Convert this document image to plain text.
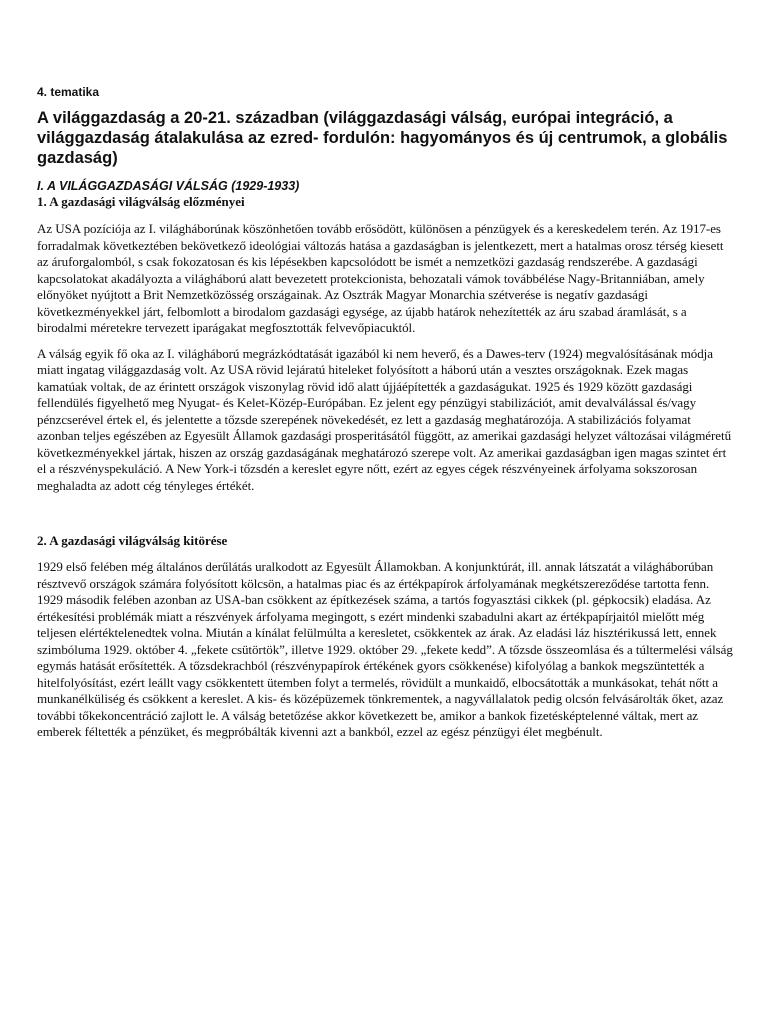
4. tematika
A világgazdaság a 20-21. században (világgazdasági válság, európai integráció, a világgazdaság átalakulása az ezred- fordulón: hagyományos és új centrumok, a globális gazdaság)
I. A VILÁGGAZDASÁGI VÁLSÁG (1929-1933)
1. A gazdasági világválság előzményei

Az USA pozíciója az I. világháborúnak köszönhetően tovább erősödött, különösen a pénzügyek és a kereskedelem terén. Az 1917-es forradalmak következtében bekövetkező ideológiai változás hatása a gazdaságban is jelentkezett, mert a hatalmas orosz térség kiesett az áruforgalomból, s csak fokozatosan és kis lépésekben kapcsolódott be ismét a nemzetközi gazdaság rendszerébe. A gazdasági kapcsolatokat akadályozta a világháború alatt bevezetett protekcionista, behozatali vámok továbbélése Nagy-Britanniában, amely előnyöket nyújtott a Brit Nemzetközösség országainak. Az Osztrák Magyar Monarchia szétverése is negatív gazdasági következményekkel járt, felbomlott a birodalom gazdasági egysége, az újabb határok nehezítették az áru szabad áramlását, s a birodalmi méretekre tervezett iparágakat megfosztották felvevőpiacuktól.

A válság egyik fő oka az I. világháború megrázkódtatását igazából ki nem heverő, és a Dawes-terv (1924) megvalósításának módja miatt ingatag világgazdaság volt. Az USA rövid lejáratú hiteleket folyósított a háború után a vesztes országoknak. Ezek magas kamatúak voltak, de az érintett országok viszonylag rövid idő alatt újjáépítették a gazdaságukat. 1925 és 1929 között gazdasági fellendülés figyelhető meg Nyugat- és Kelet-Közép-Európában. Ez jelent egy pénzügyi stabilizációt, amit devalválással és/vagy pénzcserével értek el, és jelentette a tőzsde szerepének növekedését, ez lett a gazdaság meghatározója. A stabilizációs folyamat azonban teljes egészében az Egyesült Államok gazdasági prosperitásától függött, az amerikai gazdasági helyzet változásai világméretű következményekkel jártak, hiszen az ország gazdaságának meghatározó szerepe volt. Az amerikai gazdaságban igen magas szintet ért el a részvényspekuláció. A New York-i tőzsdén a kereslet egyre nőtt, ezért az egyes cégek részvényeinek árfolyama sokszorosan meghaladta az adott cég tényleges értékét.

2. A gazdasági világválság kitörése

1929 első felében még általános derűlátás uralkodott az Egyesült Államokban. A konjunktúrát, ill. annak látszatát a világháborúban résztvevő országok számára folyósított kölcsön, a hatalmas piac és az értékpapírok árfolyamának megkétszereződése tartotta fenn. 1929 második felében azonban az USA-ban csökkent az építkezések száma, a tartós fogyasztási cikkek (pl. gépkocsik) eladása. Az értékesítési problémák miatt a részvények árfolyama megingott, s ezért mindenki szabadulni akart az értékpapírjaitól mielőtt még teljesen elértéktelenedtek volna. Miután a kínálat felülmúlta a keresletet, csökkentek az árak. Az eladási láz hisztérikussá lett, ennek szimbóluma 1929. október 4. „fekete csütörtök”, illetve 1929. október 29. „fekete kedd”. A tőzsde összeomlása és a túltermelési válság egymás hatását erősítették. A tőzsdekrachból (részvénypapírok értékének gyors csökkenése) kifolyólag a bankok megszüntették a hitelfolyósítást, ezért leállt vagy csökkentett ütemben folyt a termelés, rövidült a munkaidő, elbocsátották a munkásokat, tehát nőtt a munkanélküliség és csökkent a kereslet. A kis- és középüzemek tönkrementek, a nagyvállalatok pedig olcsón felvásárolták őket, azaz további tőkekoncentráció zajlott le. A válság betetőzése akkor következett be, amikor a bankok fizetésképtelenné váltak, mert az emberek féltették a pénzüket, és megpróbálták kivenni azt a bankból, ezzel az egész pénzügyi élet megbénult.
